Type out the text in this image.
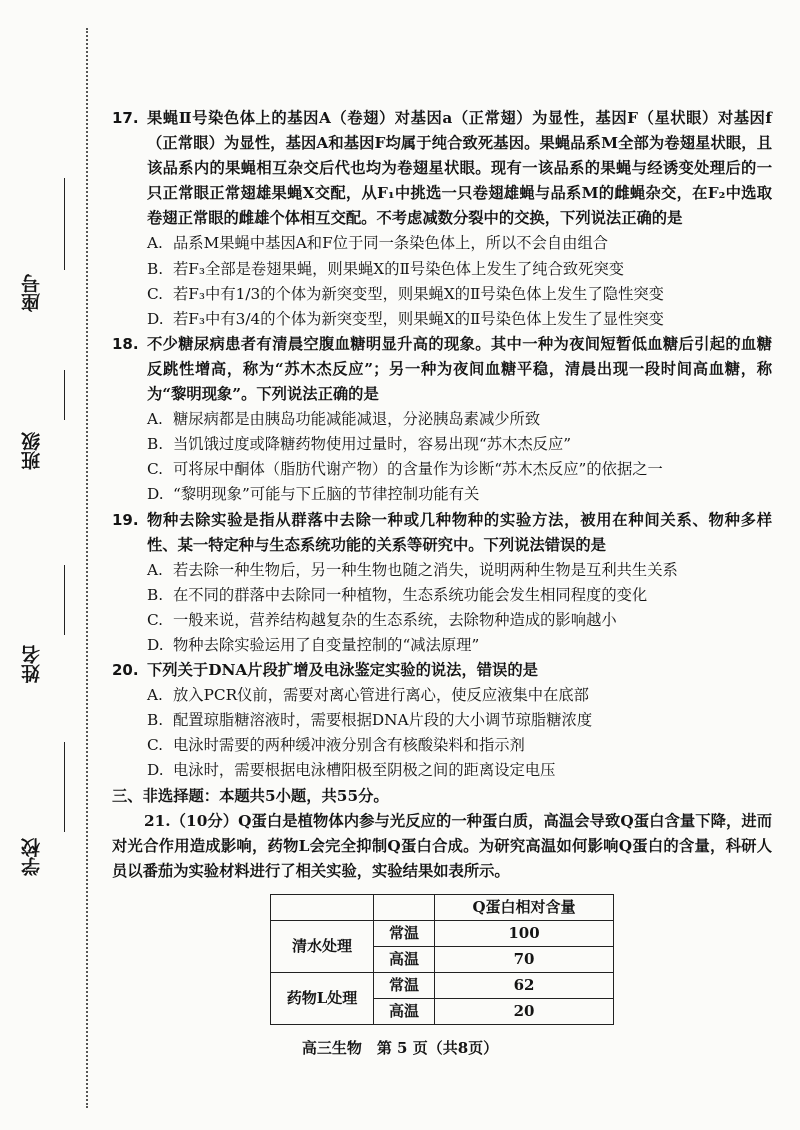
座号
班级
姓名
学校
17. 果蝇Ⅱ号染色体上的基因A（卷翅）对基因a（正常翅）为显性，基因F（星状眼）对基因f（正常眼）为显性，基因A和基因F均属于纯合致死基因。果蝇品系M全部为卷翅星状眼，且该品系内的果蝇相互杂交后代也均为卷翅星状眼。现有一该品系的果蝇与经诱变处理后的一只正常眼正常翅雄果蝇X交配，从F₁中挑选一只卷翅雄蝇与品系M的雌蝇杂交，在F₂中选取卷翅正常眼的雌雄个体相互交配。不考虑减数分裂中的交换，下列说法正确的是
A. 品系M果蝇中基因A和F位于同一条染色体上，所以不会自由组合
B. 若F₃全部是卷翅果蝇，则果蝇X的Ⅱ号染色体上发生了纯合致死突变
C. 若F₃中有1/3的个体为新突变型，则果蝇X的Ⅱ号染色体上发生了隐性突变
D. 若F₃中有3/4的个体为新突变型，则果蝇X的Ⅱ号染色体上发生了显性突变
18. 不少糖尿病患者有清晨空腹血糖明显升高的现象。其中一种为夜间短暂低血糖后引起的血糖反跳性增高，称为“苏木杰反应”；另一种为夜间血糖平稳，清晨出现一段时间高血糖，称为“黎明现象”。下列说法正确的是
A. 糖尿病都是由胰岛功能减能减退，分泌胰岛素减少所致
B. 当饥饿过度或降糖药物使用过量时，容易出现“苏木杰反应”
C. 可将尿中酮体（脂肪代谢产物）的含量作为诊断“苏木杰反应”的依据之一
D. “黎明现象”可能与下丘脑的节律控制功能有关
19. 物种去除实验是指从群落中去除一种或几种物种的实验方法，被用在种间关系、物种多样性、某一特定种与生态系统功能的关系等研究中。下列说法错误的是
A. 若去除一种生物后，另一种生物也随之消失，说明两种生物是互利共生关系
B. 在不同的群落中去除同一种植物，生态系统功能会发生相同程度的变化
C. 一般来说，营养结构越复杂的生态系统，去除物种造成的影响越小
D. 物种去除实验运用了自变量控制的“减法原理”
20. 下列关于DNA片段扩增及电泳鉴定实验的说法，错误的是
A. 放入PCR仪前，需要对离心管进行离心，使反应液集中在底部
B. 配置琼脂糖溶液时，需要根据DNA片段的大小调节琼脂糖浓度
C. 电泳时需要的两种缓冲液分别含有核酸染料和指示剂
D. 电泳时，需要根据电泳槽阳极至阴极之间的距离设定电压
三、非选择题：本题共5小题，共55分。
21.（10分）Q蛋白是植物体内参与光反应的一种蛋白质，高温会导致Q蛋白含量下降，进而对光合作用造成影响，药物L会完全抑制Q蛋白合成。为研究高温如何影响Q蛋白的含量，科研人员以番茄为实验材料进行了相关实验，实验结果如表所示。
		Q蛋白相对含量
清水处理	常温	100
	高温	70
药物L处理	常温	62
	高温	20
高三生物　第 5 页（共8页）
